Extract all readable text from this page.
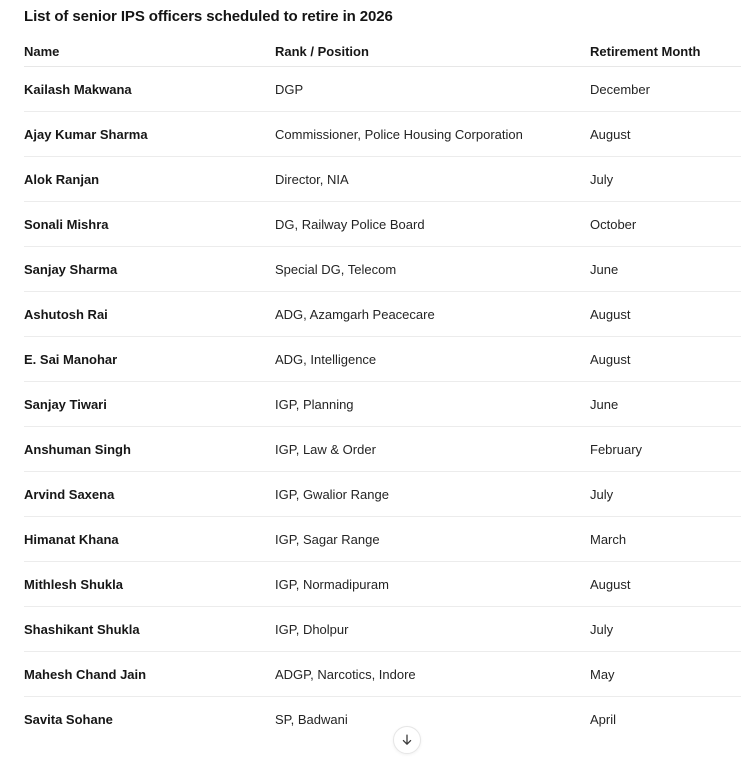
List of senior IPS officers scheduled to retire in 2026
Name	Rank / Position	Retirement Month
Kailash Makwana	DGP	December
Ajay Kumar Sharma	Commissioner, Police Housing Corporation	August
Alok Ranjan	Director, NIA	July
Sonali Mishra	DG, Railway Police Board	October
Sanjay Sharma	Special DG, Telecom	June
Ashutosh Rai	ADG, Azamgarh Peacecare	August
E. Sai Manohar	ADG, Intelligence	August
Sanjay Tiwari	IGP, Planning	June
Anshuman Singh	IGP, Law & Order	February
Arvind Saxena	IGP, Gwalior Range	July
Himanat Khana	IGP, Sagar Range	March
Mithlesh Shukla	IGP, Normadipuram	August
Shashikant Shukla	IGP, Dholpur	July
Mahesh Chand Jain	ADGP, Narcotics, Indore	May
Savita Sohane	SP, Badwani	April
